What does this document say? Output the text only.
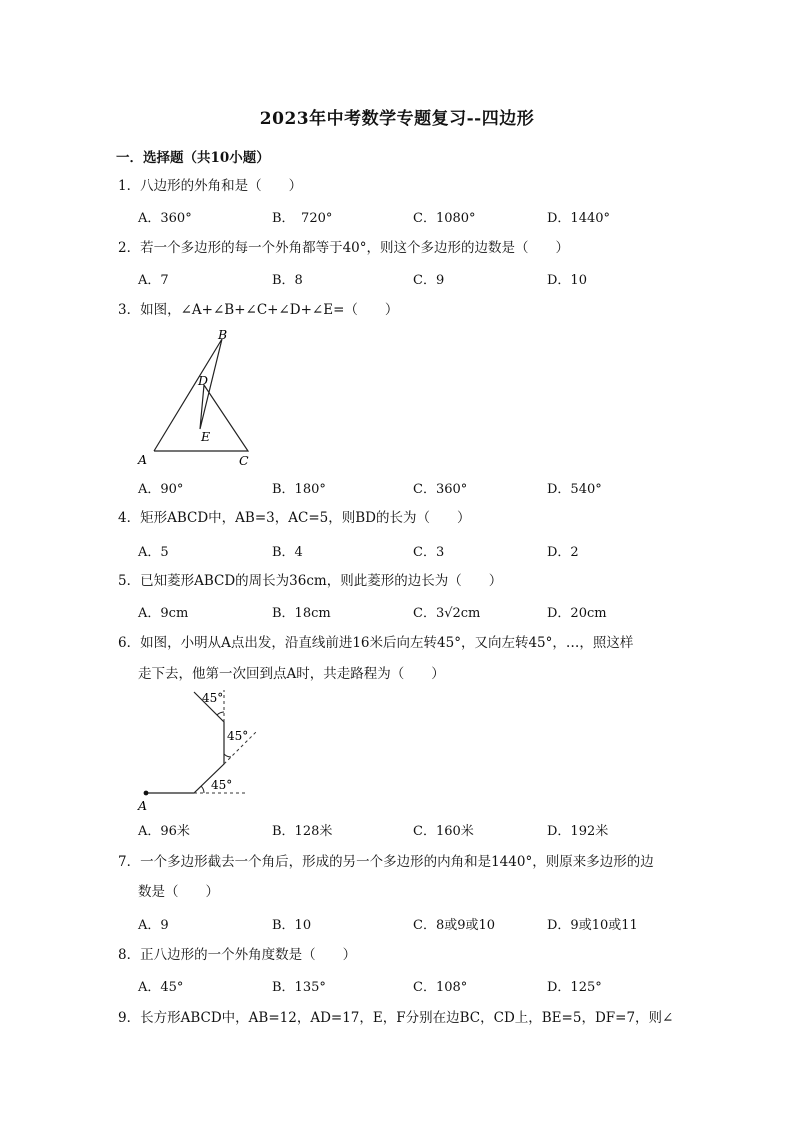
2023年中考数学专题复习--四边形
一．选择题（共10小题）
1．八边形的外角和是（　　）
A．360°	B．　720°	C．1080°	D．1440°
2．若一个多边形的每一个外角都等于40°，则这个多边形的边数是（　　）
A．7	B．8	C．9	D．10
3．如图，∠A+∠B+∠C+∠D+∠E=（　　）
A
B
C
D
E
A．90°	B．180°	C．360°	D．540°
4．矩形ABCD中，AB=3，AC=5，则BD的长为（　　）
A．5	B．4	C．3	D．2
5．已知菱形ABCD的周长为36cm，则此菱形的边长为（　　）
A．9cm	B．18cm	C．3√2cm	D．20cm
6．如图，小明从A点出发，沿直线前进16米后向左转45°，又向左转45°，…，照这样
走下去，他第一次回到点A时，共走路程为（　　）
A
45°
45°
45°
A．96米	B．128米	C．160米	D．192米
7．一个多边形截去一个角后，形成的另一个多边形的内角和是1440°，则原来多边形的边
数是（　　）
A．9	B．10	C．8或9或10	D．9或10或11
8．正八边形的一个外角度数是（　　）
A．45°	B．135°	C．108°	D．125°
9．长方形ABCD中，AB=12，AD=17，E，F分别在边BC，CD上，BE=5，DF=7，则∠
